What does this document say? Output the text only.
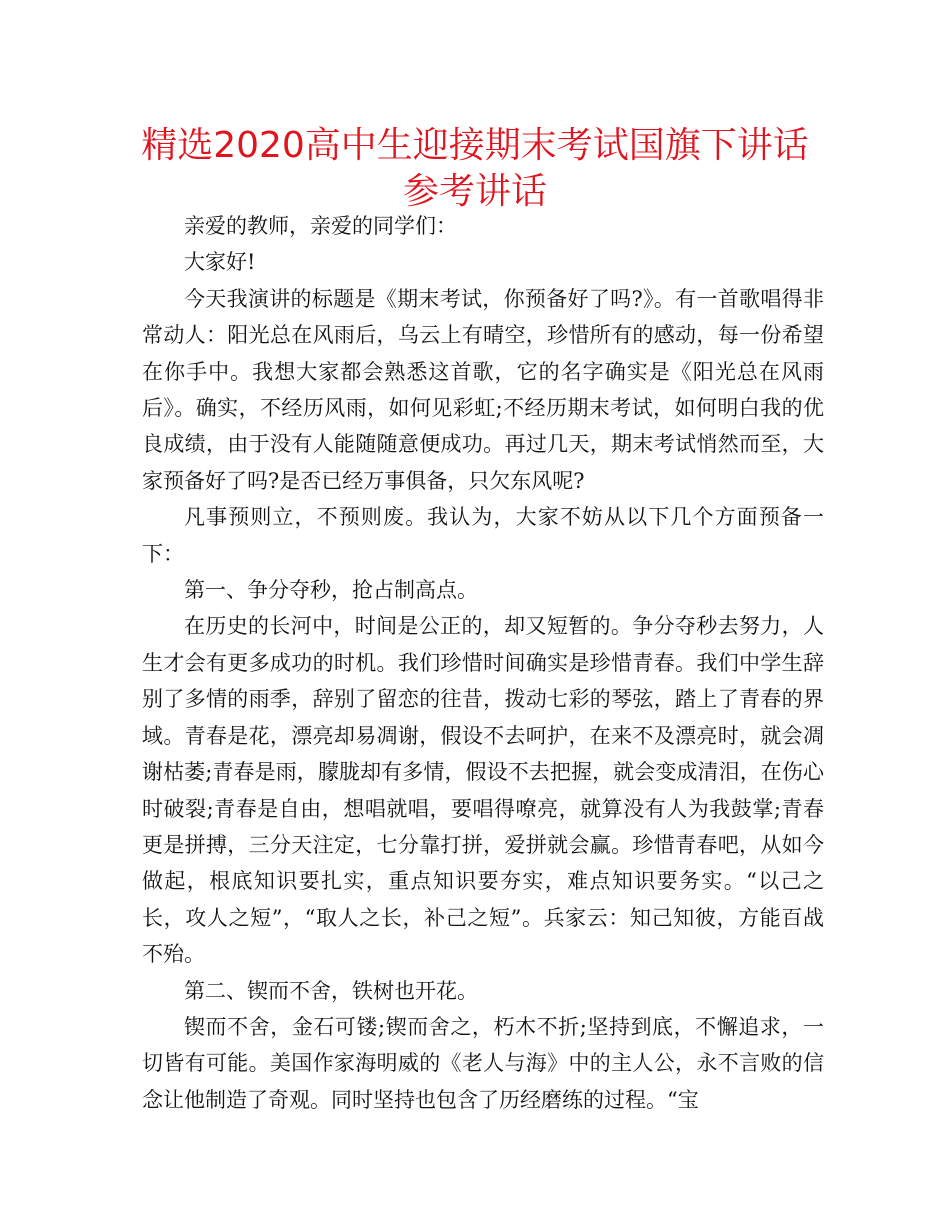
精选2020高中生迎接期末考试国旗下讲话
参考讲话

亲爱的教师，亲爱的同学们：

大家好!

今天我演讲的标题是《期末考试，你预备好了吗?》。有一首歌唱得非常动人：阳光总在风雨后，乌云上有晴空，珍惜所有的感动，每一份希望在你手中。我想大家都会熟悉这首歌，它的名字确实是《阳光总在风雨后》。确实，不经历风雨，如何见彩虹;不经历期末考试，如何明白我的优良成绩，由于没有人能随随意便成功。再过几天，期末考试悄然而至，大家预备好了吗?是否已经万事俱备，只欠东风呢?

凡事预则立，不预则废。我认为，大家不妨从以下几个方面预备一下：

第一、争分夺秒，抢占制高点。

在历史的长河中，时间是公正的，却又短暂的。争分夺秒去努力，人生才会有更多成功的时机。我们珍惜时间确实是珍惜青春。我们中学生辞别了多情的雨季，辞别了留恋的往昔，拨动七彩的琴弦，踏上了青春的界域。青春是花，漂亮却易凋谢，假设不去呵护，在来不及漂亮时，就会凋谢枯萎;青春是雨，朦胧却有多情，假设不去把握，就会变成清泪，在伤心时破裂;青春是自由，想唱就唱，要唱得嘹亮，就算没有人为我鼓掌;青春更是拼搏，三分天注定，七分靠打拼，爱拼就会赢。珍惜青春吧，从如今做起，根底知识要扎实，重点知识要夯实，难点知识要务实。“以己之长，攻人之短”，“取人之长，补己之短”。兵家云：知己知彼，方能百战不殆。

第二、锲而不舍，铁树也开花。

锲而不舍，金石可镂;锲而舍之，朽木不折;坚持到底，不懈追求，一切皆有可能。美国作家海明威的《老人与海》中的主人公，永不言败的信念让他制造了奇观。同时坚持也包含了历经磨练的过程。“宝
